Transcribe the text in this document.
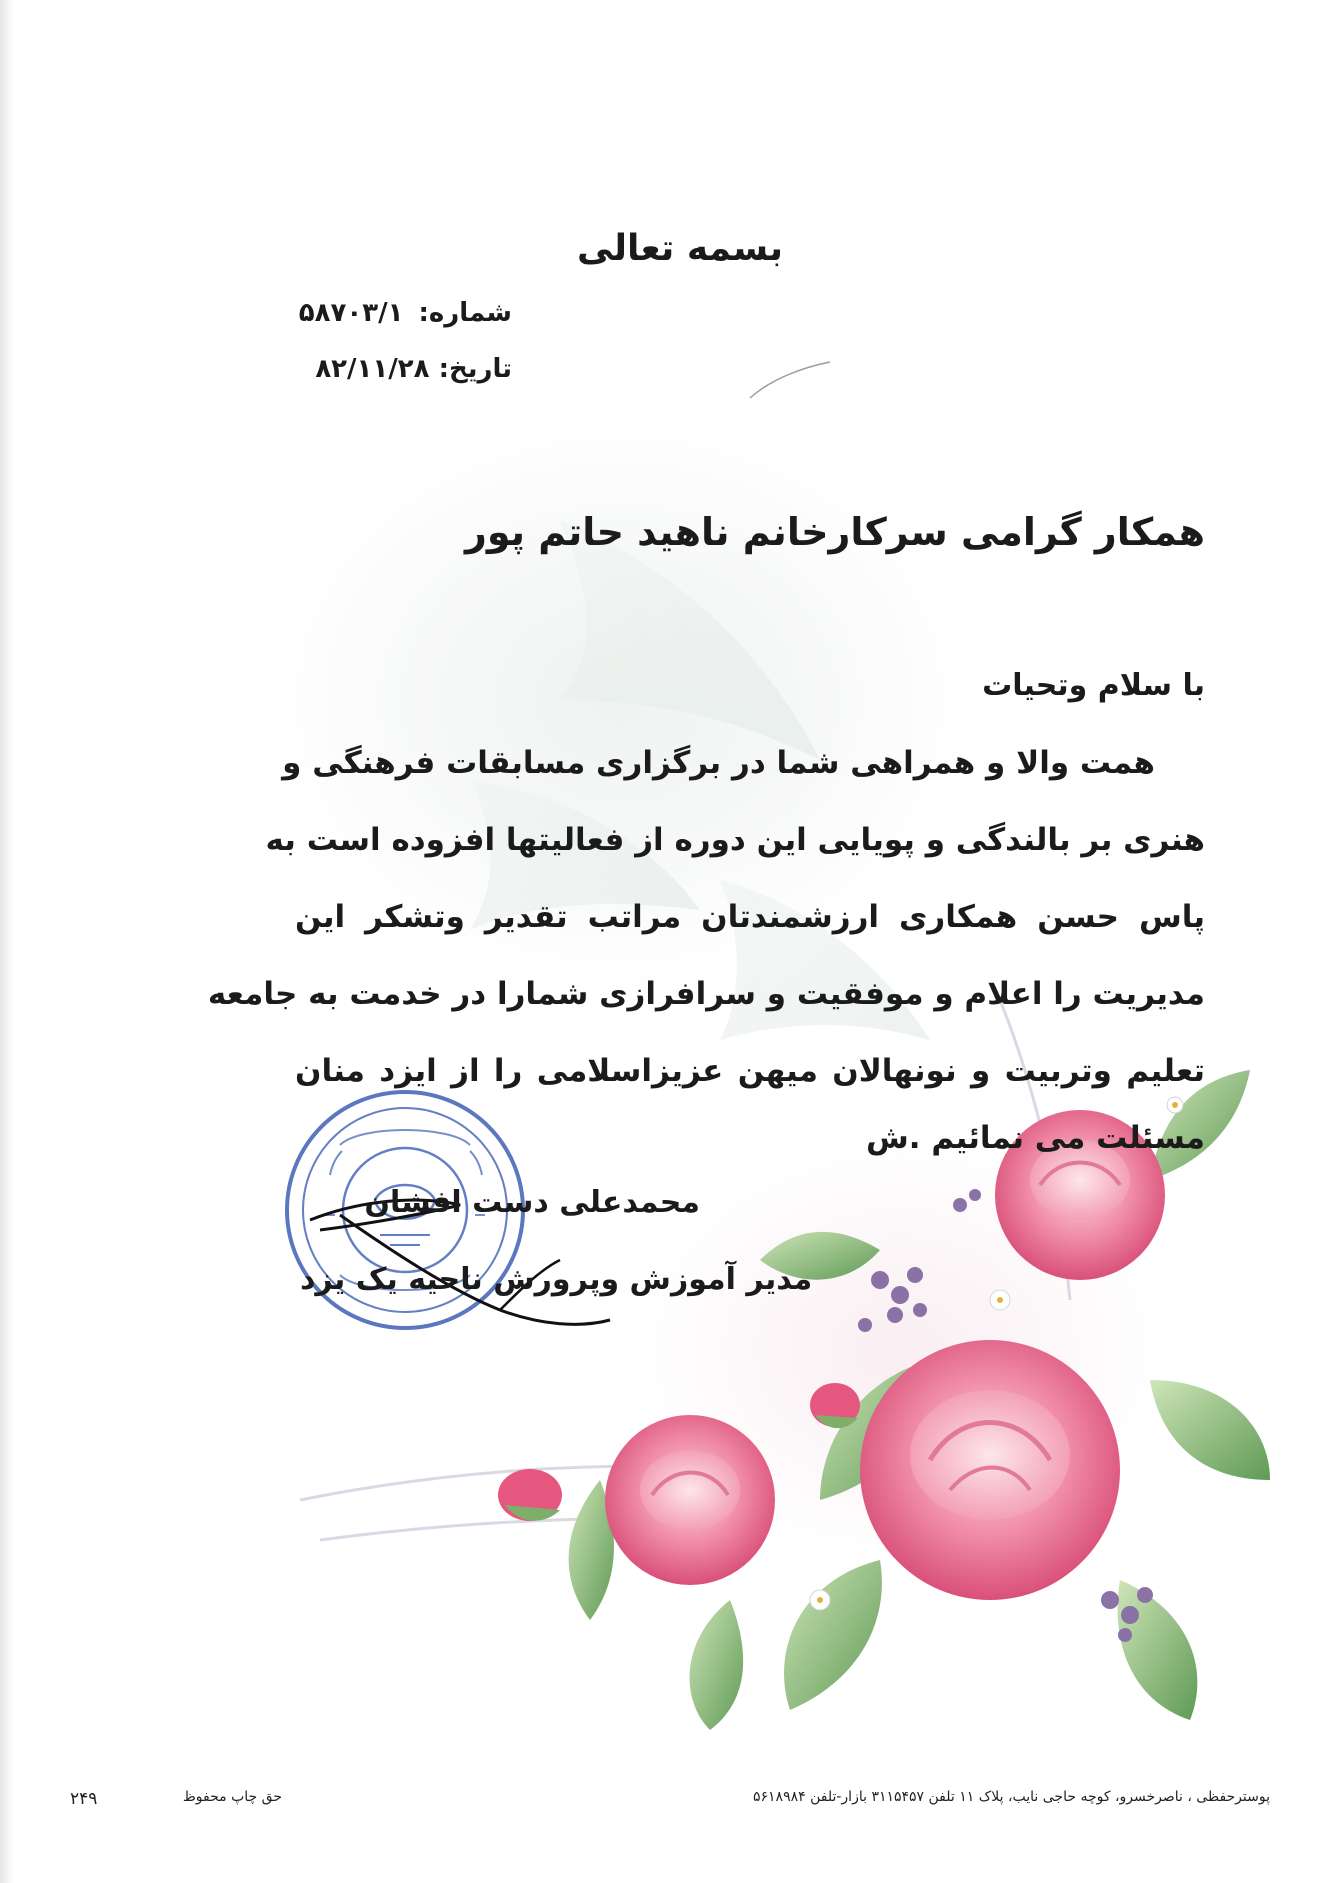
بسمه تعالی
شماره: ۵۸۷۰۳/۱
تاریخ: ۸۲/۱۱/۲۸
همکار گرامی سرکارخانم ناهید حاتم پور
با سلام وتحیات
همت والا و همراهی شما در برگزاری مسابقات فرهنگی و
هنری بر بالندگی و پویایی این دوره از فعالیتها افزوده است به
پاس حسن همکاری ارزشمندتان مراتب تقدیر وتشکر این
مدیریت را اعلام و موفقیت و سرافرازی شمارا در خدمت به جامعه
تعلیم وتربیت و نونهالان میهن عزیزاسلامی را از ایزد منان
مسئلت می نمائیم .ش
محمدعلی دست افشان
مدیر آموزش وپرورش ناحیه یک یزد
پوسترحفظی ، ناصرخسرو، کوچه حاجی نایب، پلاک ۱۱ تلفن ۳۱۱۵۴۵۷ بازار-تلفن ۵۶۱۸۹۸۴
حق چاپ محفوظ
۲۴۹
